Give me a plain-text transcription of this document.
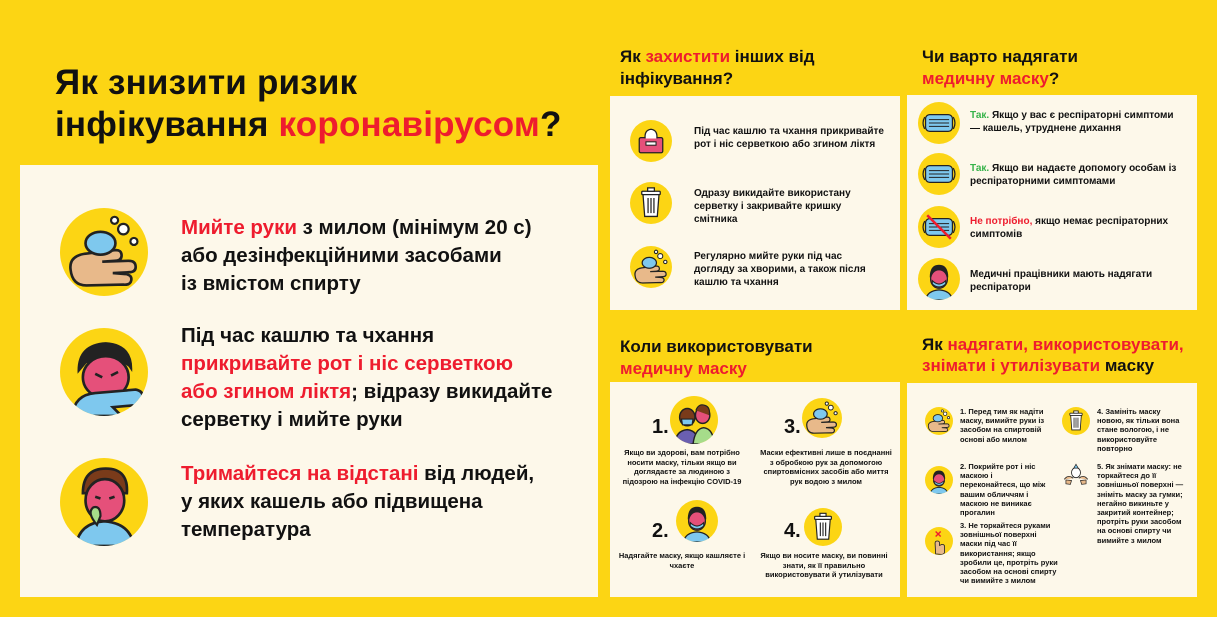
Як знизити ризик
інфікування коронавірусом?
Мийте руки з милом (мінімум 20 с)
або дезінфекційними засобами
із вмістом спирту
Під час кашлю та чхання
прикривайте рот і ніс серветкою
або згином ліктя; відразу викидайте
серветку і мийте руки
Тримайтеся на відстані від людей,
у яких кашель або підвищена
температура
Як захистити інших від
інфікування?
Під час кашлю та чхання прикривайте рот і ніс серветкою або згином ліктя
Одразу викидайте використану серветку і закривайте кришку смітника
Регулярно мийте руки під час догляду за хворими, а також після кашлю та чхання
Чи варто надягати
медичну маску?
Так. Якщо у вас є респіраторні симптоми — кашель, утруднене дихання
Так. Якщо ви надаєте допомогу особам із респіраторними симптомами
Не потрібно, якщо немає респіраторних симптомів
Медичні працівники мають надягати респіратори
Коли використовувати
медичну маску
1.
Якщо ви здорові, вам потрібно носити маску, тільки якщо ви доглядаєте за людиною з підозрою на інфекцію COVID-19
3.
Маски ефективні лише в поєднанні з обробкою рук за допомогою спиртовмісних засобів або миття рук водою з милом
2.
Надягайте маску, якщо кашляєте і чхаєте
4.
Якщо ви носите маску, ви повинні знати, як її правильно використовувати й утилізувати
Як надягати, використовувати,
знімати і утилізувати маску
1. Перед тим як надіти маску, вимийте руки із засобом на спиртовій основі або милом
2. Покрийте рот і ніс маскою і переконайтеся, що між вашим обличчям і маскою не виникає прогалин
3. Не торкайтеся руками зовнішньої поверхні маски під час її використання; якщо зробили це, протріть руки засобом на основі спирту чи вимийте з милом
4. Замініть маску новою, як тільки вона стане вологою, і не використовуйте повторно
5. Як знімати маску: не торкайтеся до її зовнішньої поверхні — зніміть маску за гумки; негайно викиньте у закритий контейнер; протріть руки засобом на основі спирту чи вимийте з милом
